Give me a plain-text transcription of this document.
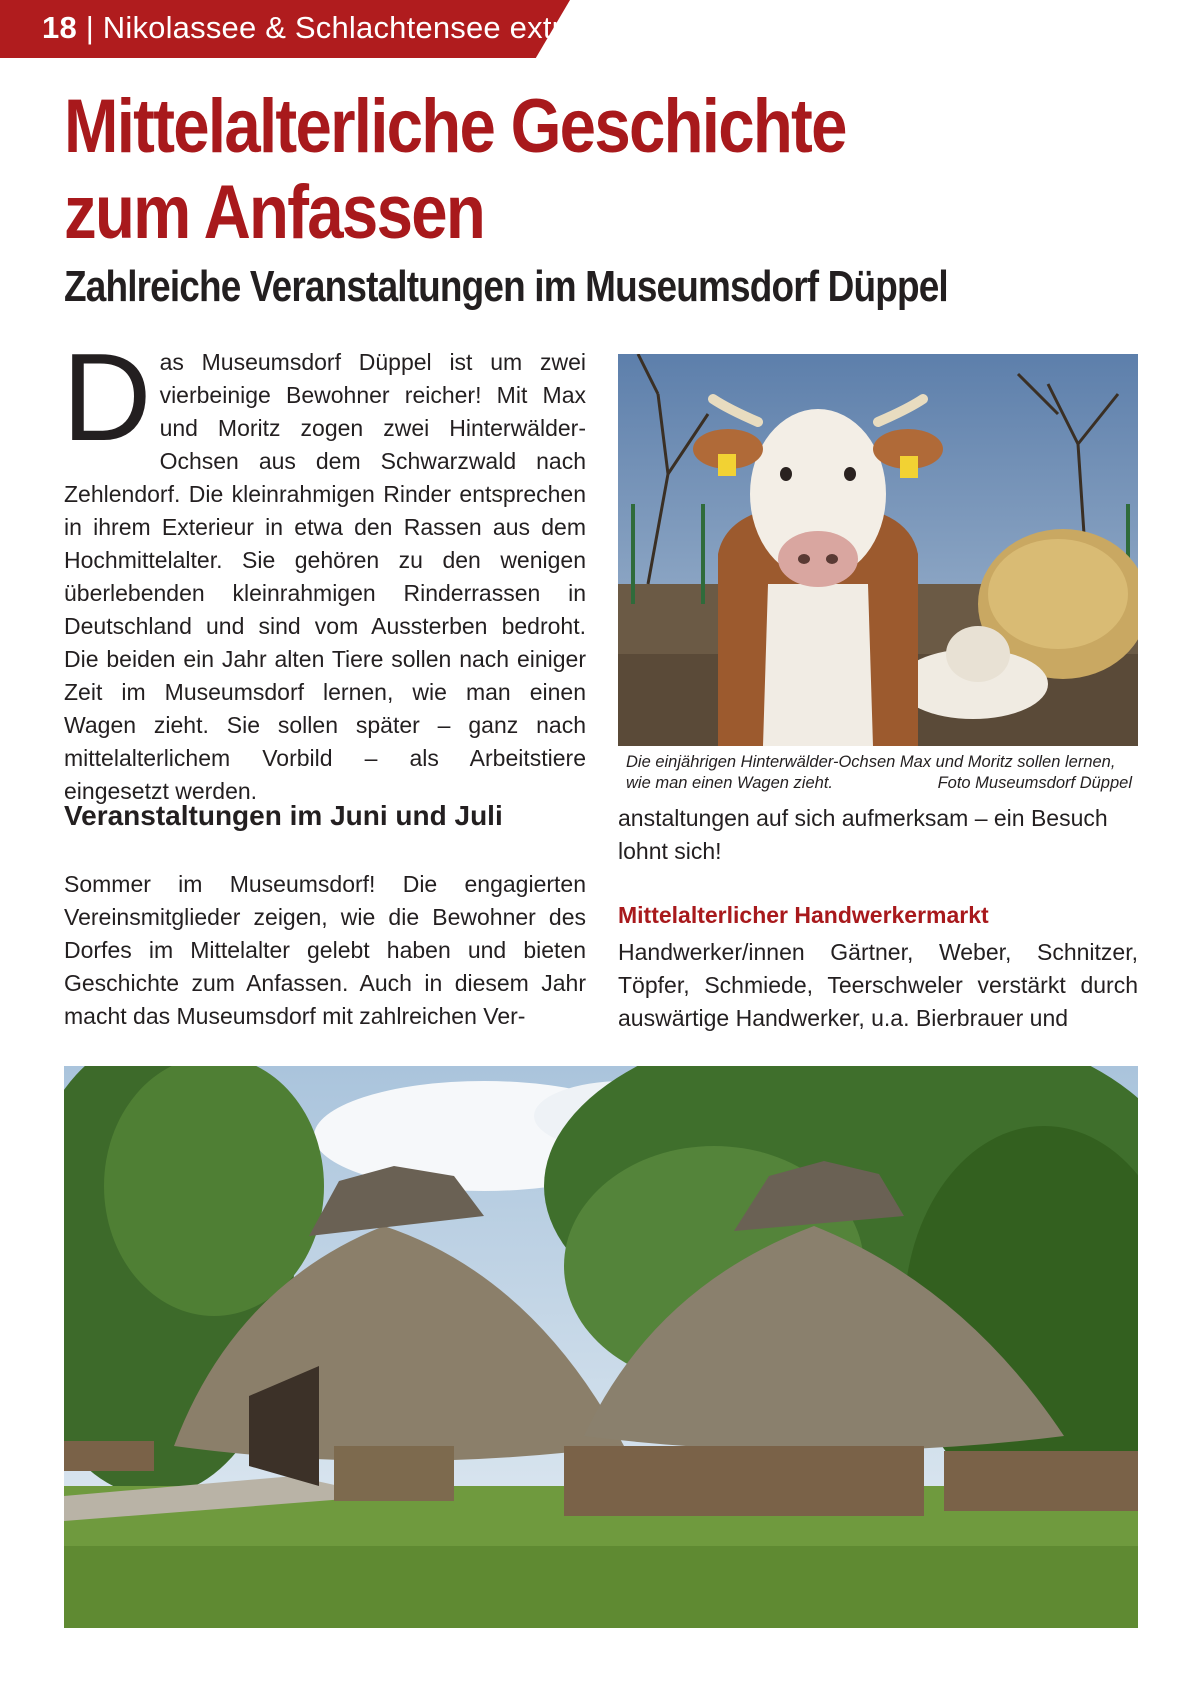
18 | Nikolassee & Schlachtensee extra
Mittelalterliche Geschichte
zum Anfassen
Zahlreiche Veranstaltungen im Museumsdorf Düppel

Das Museumsdorf Düppel ist um zwei vierbeinige Bewohner reicher! Mit Max und Moritz zogen zwei Hinterwälder-Ochsen aus dem Schwarzwald nach Zehlendorf. Die kleinrahmigen Rinder entsprechen in ihrem Exterieur in etwa den Rassen aus dem Hochmittelalter. Sie gehören zu den wenigen überlebenden kleinrahmigen Rinderrassen in Deutschland und sind vom Aussterben bedroht. Die beiden ein Jahr alten Tiere sollen nach einiger Zeit im Museumsdorf lernen, wie man einen Wagen zieht. Sie sollen später – ganz nach mittelalterlichem Vorbild – als Arbeitstiere eingesetzt werden.

Die einjährigen Hinterwälder-Ochsen Max und Moritz sollen lernen, wie man einen Wagen zieht.	Foto Museumsdorf Düppel
Veranstaltungen im Juni und Juli

Sommer im Museumsdorf! Die engagierten Vereinsmitglieder zeigen, wie die Bewohner des Dorfes im Mittelalter gelebt haben und bieten Geschichte zum Anfassen. Auch in diesem Jahr macht das Museumsdorf mit zahlreichen Ver-

anstaltungen auf sich aufmerksam – ein Besuch lohnt sich!

Mittelalterlicher Handwerkermarkt

Handwerker/innen Gärtner, Weber, Schnitzer, Töpfer, Schmiede, Teerschweler verstärkt durch auswärtige Handwerker, u.a. Bierbrauer und
